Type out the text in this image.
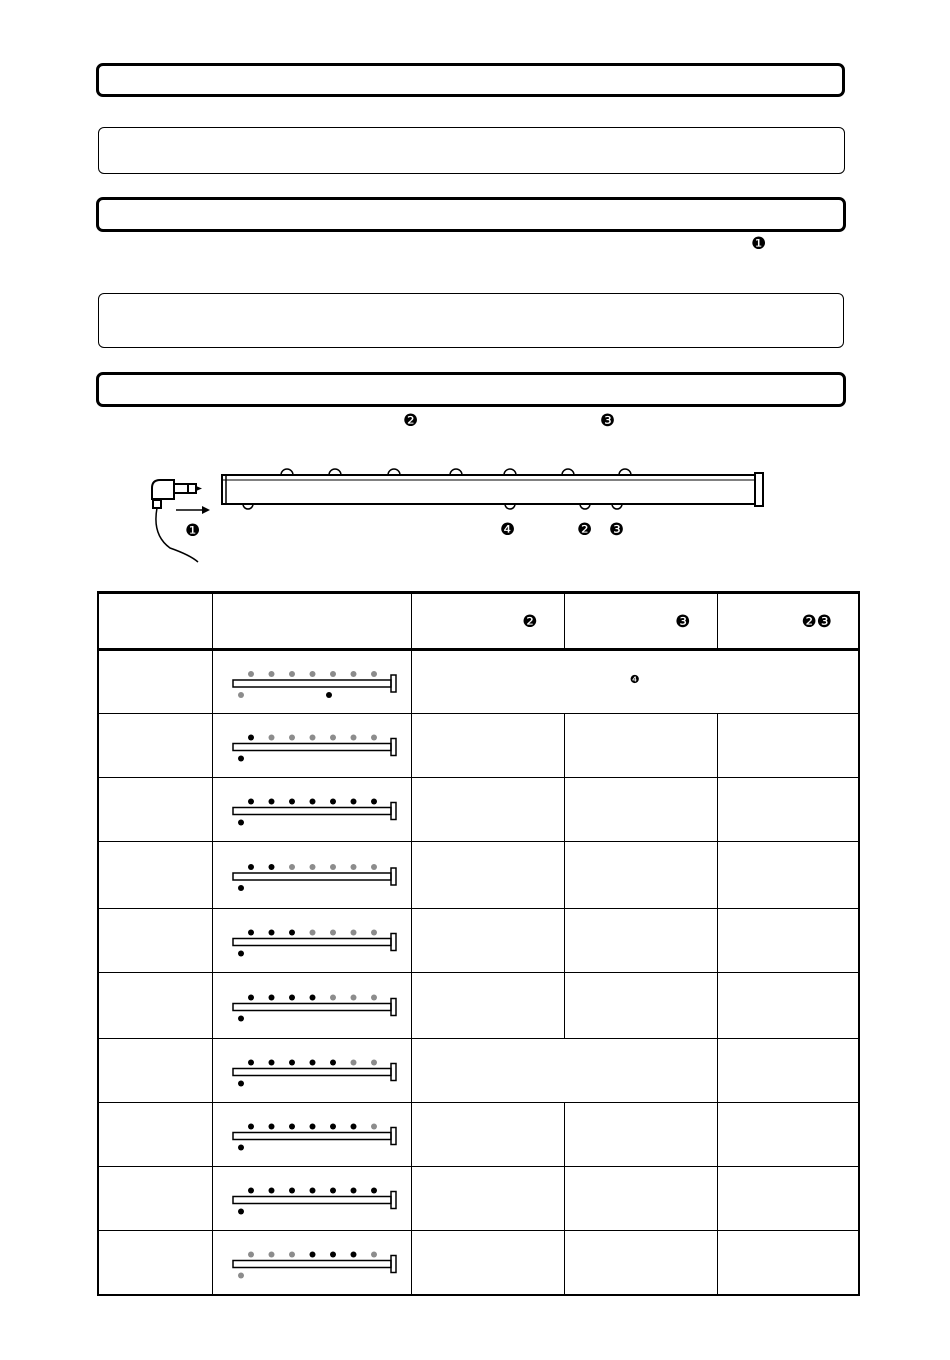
❶
❷	❸
❶	❹	❷ ❸

		❷	❸	❷❸

❹		
